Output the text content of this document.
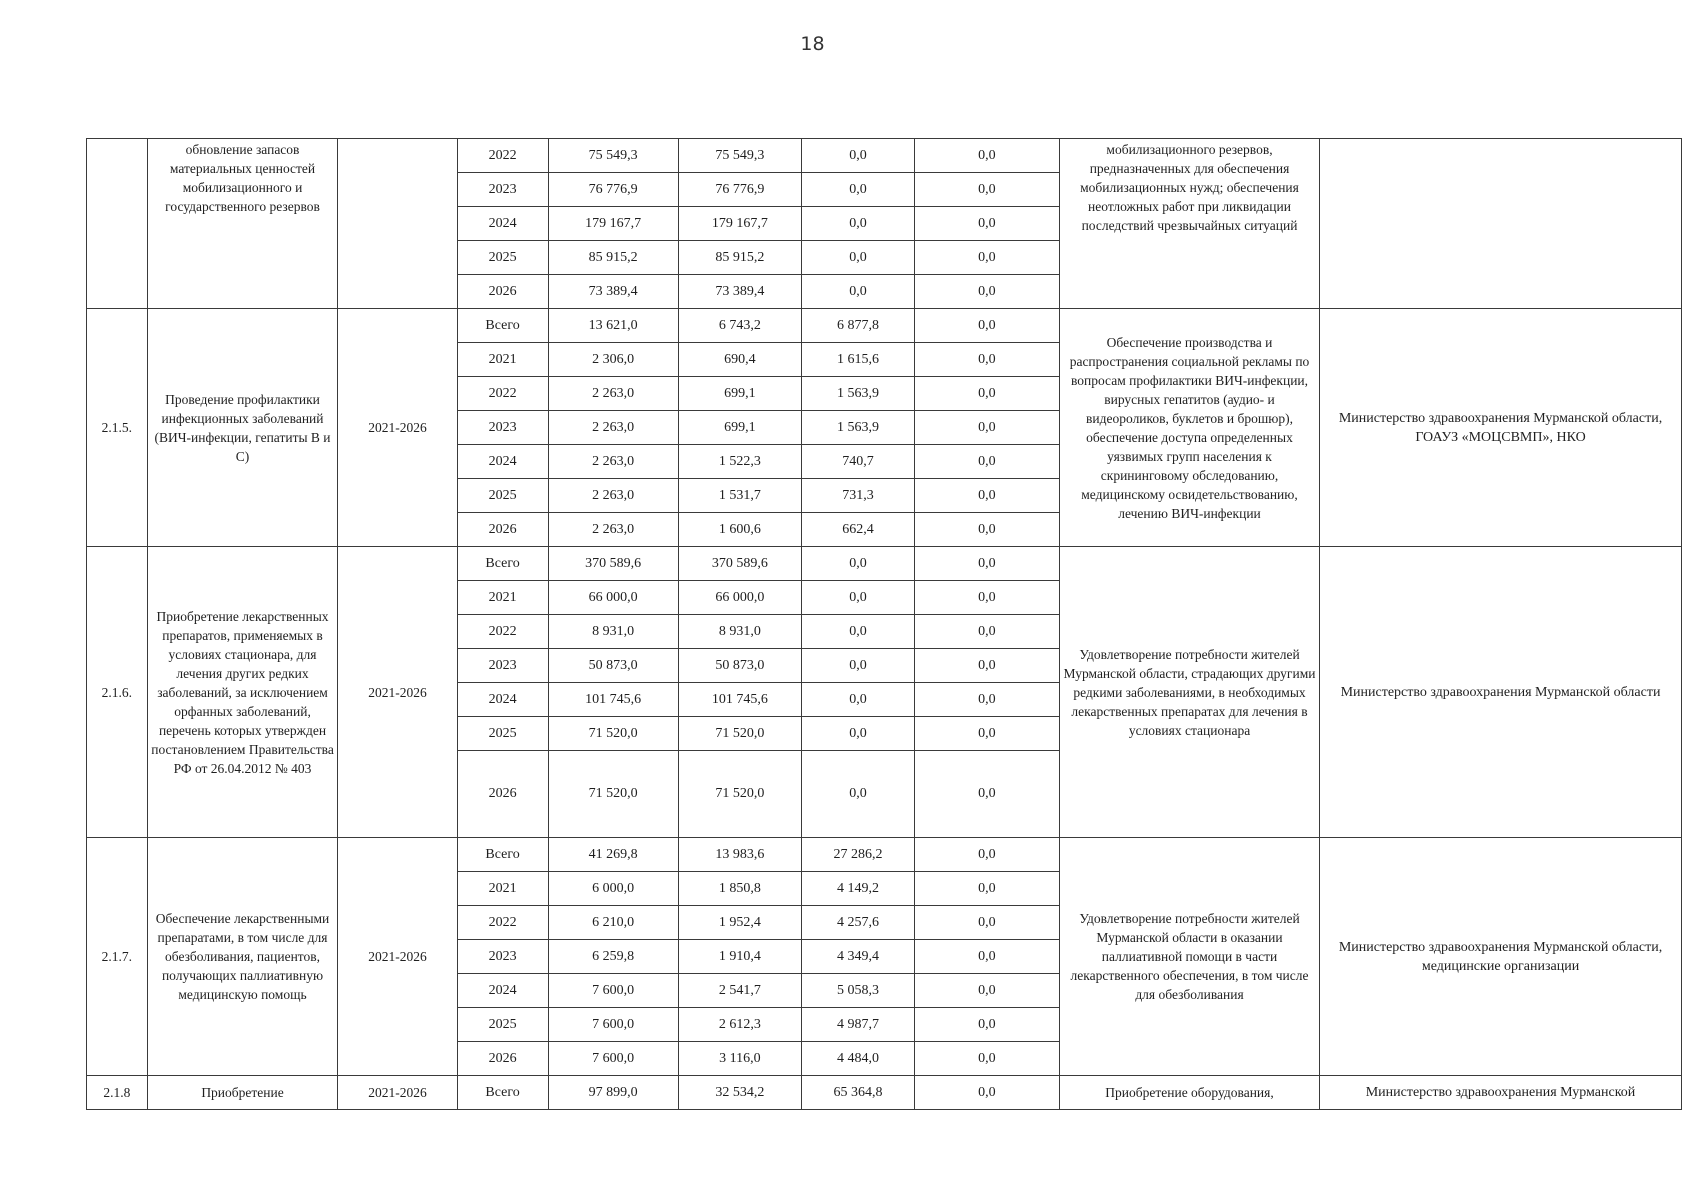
18
	обновление запасов материальных ценностей мобилизационного и государственного резервов		2022	75 549,3	75 549,3	0,0	0,0	мобилизационного резервов, предназначенных для обеспечения мобилизационных нужд; обеспечения неотложных работ при ликвидации последствий чрезвычайных ситуаций	
			2023	76 776,9	76 776,9	0,0	0,0		
			2024	179 167,7	179 167,7	0,0	0,0		
			2025	85 915,2	85 915,2	0,0	0,0		
			2026	73 389,4	73 389,4	0,0	0,0		
2.1.5.	Проведение профилактики инфекционных заболеваний (ВИЧ-инфекции, гепатиты В и С)	2021-2026	Всего	13 621,0	6 743,2	6 877,8	0,0	Обеспечение производства и распространения социальной рекламы по вопросам профилактики ВИЧ-инфекции, вирусных гепатитов (аудио- и видеороликов, буклетов и брошюр), обеспечение доступа определенных уязвимых групп населения к скрининговому обследованию, медицинскому освидетельствованию, лечению ВИЧ-инфекции	Министерство здравоохранения Мурманской области, ГОАУЗ «МОЦСВМП», НКО
			2021	2 306,0	690,4	1 615,6	0,0		
			2022	2 263,0	699,1	1 563,9	0,0		
			2023	2 263,0	699,1	1 563,9	0,0		
			2024	2 263,0	1 522,3	740,7	0,0		
			2025	2 263,0	1 531,7	731,3	0,0		
			2026	2 263,0	1 600,6	662,4	0,0		
2.1.6.	Приобретение лекарственных препаратов, применяемых в условиях стационара, для лечения других редких заболеваний, за исключением орфанных заболеваний, перечень которых утвержден постановлением Правительства РФ от 26.04.2012 № 403	2021-2026	Всего	370 589,6	370 589,6	0,0	0,0	Удовлетворение потребности жителей Мурманской области, страдающих другими редкими заболеваниями, в необходимых лекарственных препаратах для лечения в условиях стационара	Министерство здравоохранения Мурманской области
			2021	66 000,0	66 000,0	0,0	0,0		
			2022	8 931,0	8 931,0	0,0	0,0		
			2023	50 873,0	50 873,0	0,0	0,0		
			2024	101 745,6	101 745,6	0,0	0,0		
			2025	71 520,0	71 520,0	0,0	0,0		
			2026	71 520,0	71 520,0	0,0	0,0		
2.1.7.	Обеспечение лекарственными препаратами, в том числе для обезболивания, пациентов, получающих паллиативную медицинскую помощь	2021-2026	Всего	41 269,8	13 983,6	27 286,2	0,0	Удовлетворение потребности жителей Мурманской области в оказании паллиативной помощи в части лекарственного обеспечения, в том числе для обезболивания	Министерство здравоохранения Мурманской области, медицинские организации
			2021	6 000,0	1 850,8	4 149,2	0,0		
			2022	6 210,0	1 952,4	4 257,6	0,0		
			2023	6 259,8	1 910,4	4 349,4	0,0		
			2024	7 600,0	2 541,7	5 058,3	0,0		
			2025	7 600,0	2 612,3	4 987,7	0,0		
			2026	7 600,0	3 116,0	4 484,0	0,0		
2.1.8	Приобретение	2021-2026	Всего	97 899,0	32 534,2	65 364,8	0,0	Приобретение оборудования,	Министерство здравоохранения Мурманской
